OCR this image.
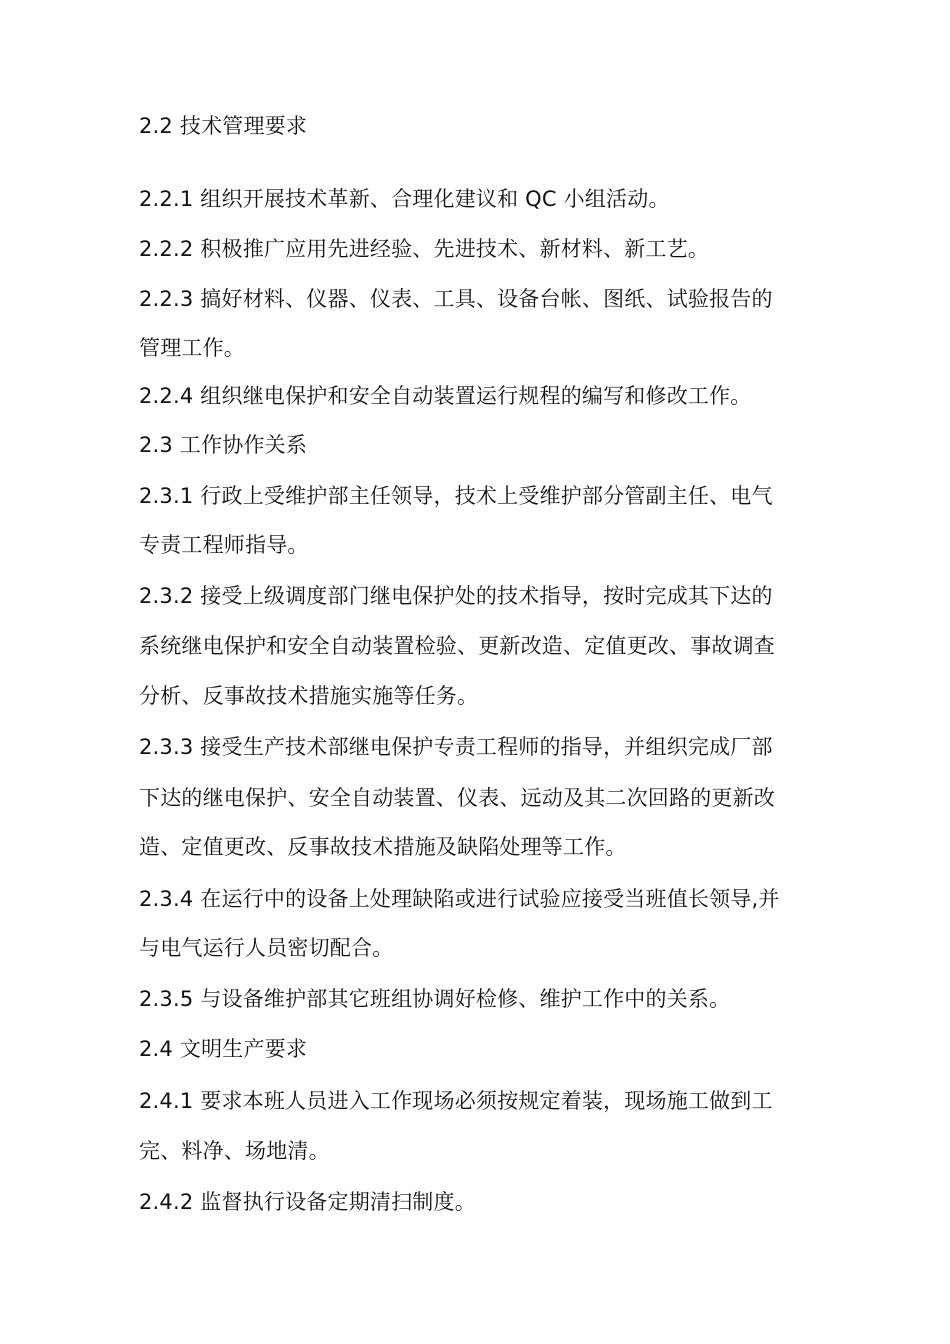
2.2 技术管理要求
2.2.1 组织开展技术革新、合理化建议和 QC 小组活动。
2.2.2 积极推广应用先进经验、先进技术、新材料、新工艺。
2.2.3 搞好材料、仪器、仪表、工具、设备台帐、图纸、试验报告的
管理工作。
2.2.4 组织继电保护和安全自动装置运行规程的编写和修改工作。
2.3 工作协作关系
2.3.1 行政上受维护部主任领导，技术上受维护部分管副主任、电气
专责工程师指导。
2.3.2 接受上级调度部门继电保护处的技术指导，按时完成其下达的
系统继电保护和安全自动装置检验、更新改造、定值更改、事故调查
分析、反事故技术措施实施等任务。
2.3.3 接受生产技术部继电保护专责工程师的指导，并组织完成厂部
下达的继电保护、安全自动装置、仪表、远动及其二次回路的更新改
造、定值更改、反事故技术措施及缺陷处理等工作。
2.3.4 在运行中的设备上处理缺陷或进行试验应接受当班值长领导,并
与电气运行人员密切配合。
2.3.5 与设备维护部其它班组协调好检修、维护工作中的关系。
2.4 文明生产要求
2.4.1 要求本班人员进入工作现场必须按规定着装，现场施工做到工
完、料净、场地清。
2.4.2 监督执行设备定期清扫制度。
